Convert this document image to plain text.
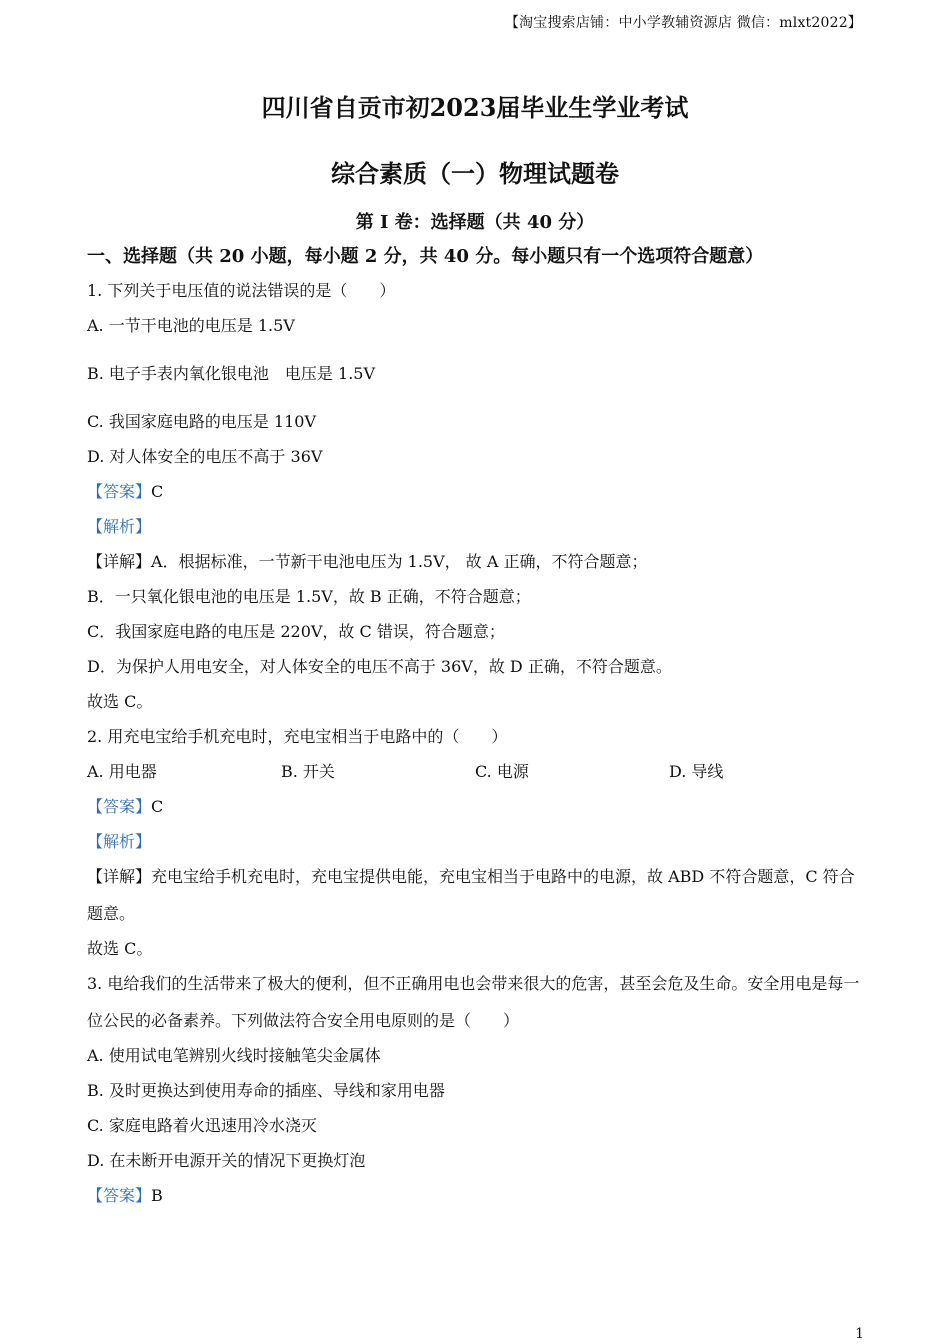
【淘宝搜索店铺：中小学教辅资源店 微信：mlxt2022】
四川省自贡市初2023届毕业生学业考试
综合素质（一）物理试题卷
第 I 卷：选择题（共 40 分）
一、选择题（共 20 小题，每小题 2 分，共 40 分。每小题只有一个选项符合题意）
1. 下列关于电压值的说法错误的是（　　）
A. 一节干电池的电压是 1.5V
B. 电子手表内氧化银电池　电压是 1.5V
C. 我国家庭电路的电压是 110V
D. 对人体安全的电压不高于 36V
【答案】C
【解析】
【详解】A．根据标准，一节新干电池电压为 1.5V， 故 A 正确，不符合题意；
B．一只氧化银电池的电压是 1.5V，故 B 正确，不符合题意；
C．我国家庭电路的电压是 220V，故 C 错误，符合题意；
D．为保护人用电安全，对人体安全的电压不高于 36V，故 D 正确，不符合题意。
故选 C。
2. 用充电宝给手机充电时，充电宝相当于电路中的（　　）
A. 用电器	B. 开关	C. 电源	D. 导线
【答案】C
【解析】
【详解】充电宝给手机充电时，充电宝提供电能，充电宝相当于电路中的电源，故 ABD 不符合题意，C 符合题意。
故选 C。
3. 电给我们的生活带来了极大的便利，但不正确用电也会带来很大的危害，甚至会危及生命。安全用电是每一位公民的必备素养。下列做法符合安全用电原则的是（　　）
A. 使用试电笔辨别火线时接触笔尖金属体
B. 及时更换达到使用寿命的插座、导线和家用电器
C. 家庭电路着火迅速用冷水浇灭
D. 在未断开电源开关的情况下更换灯泡
【答案】B
1
